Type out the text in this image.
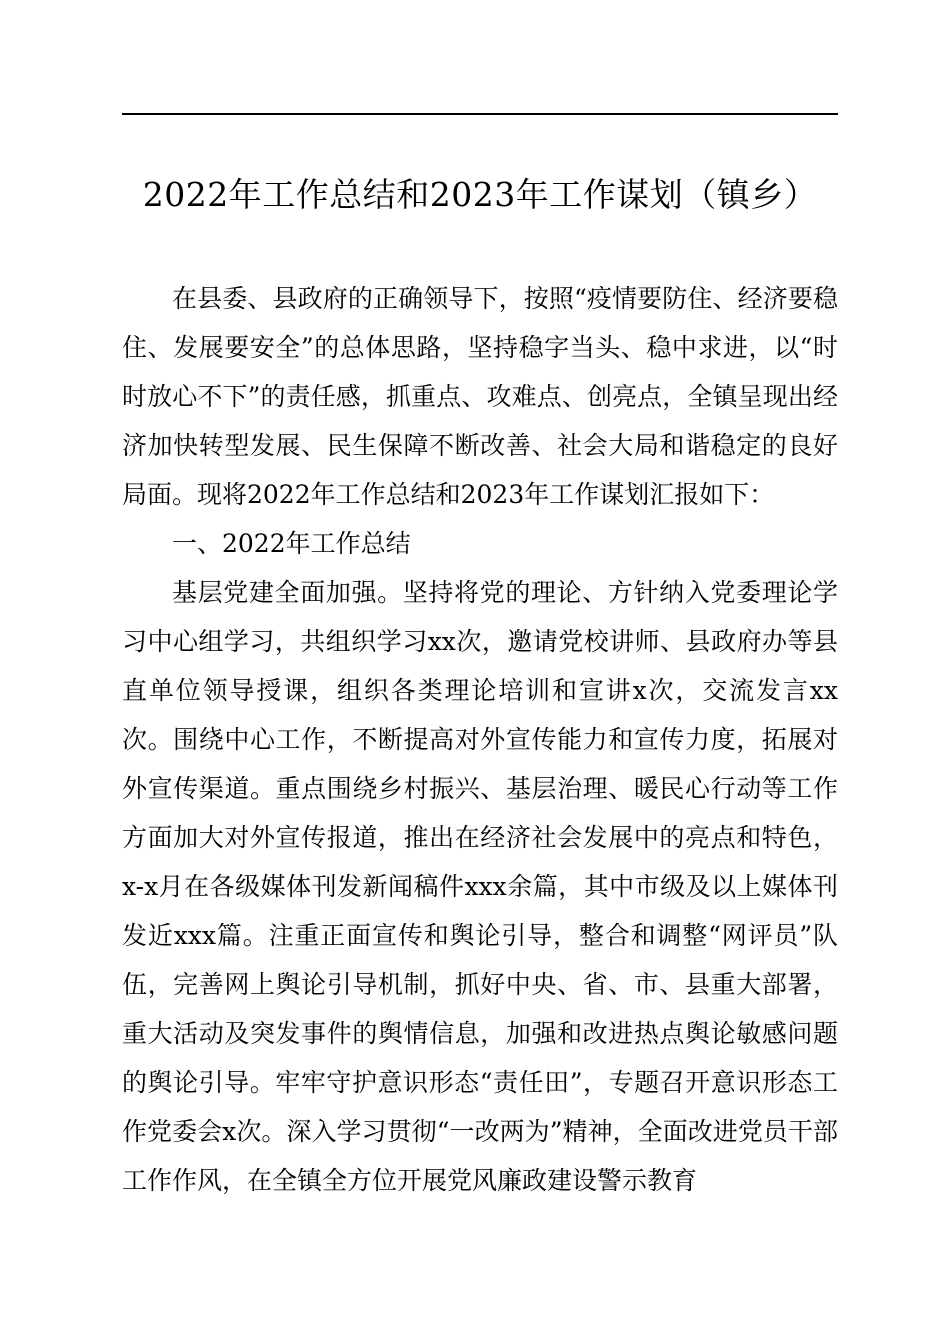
2022年工作总结和2023年工作谋划（镇乡）

在县委、县政府的正确领导下，按照“疫情要防住、经济要稳住、发展要安全”的总体思路，坚持稳字当头、稳中求进，以“时时放心不下”的责任感，抓重点、攻难点、创亮点，全镇呈现出经济加快转型发展、民生保障不断改善、社会大局和谐稳定的良好局面。现将2022年工作总结和2023年工作谋划汇报如下：

一、2022年工作总结

基层党建全面加强。坚持将党的理论、方针纳入党委理论学习中心组学习，共组织学习xx次，邀请党校讲师、县政府办等县直单位领导授课，组织各类理论培训和宣讲x次，交流发言xx次。围绕中心工作，不断提高对外宣传能力和宣传力度，拓展对外宣传渠道。重点围绕乡村振兴、基层治理、暖民心行动等工作方面加大对外宣传报道，推出在经济社会发展中的亮点和特色，x-x月在各级媒体刊发新闻稿件xxx余篇，其中市级及以上媒体刊发近xxx篇。注重正面宣传和舆论引导，整合和调整“网评员”队伍，完善网上舆论引导机制，抓好中央、省、市、县重大部署，重大活动及突发事件的舆情信息，加强和改进热点舆论敏感问题的舆论引导。牢牢守护意识形态“责任田”，专题召开意识形态工作党委会x次。深入学习贯彻“一改两为”精神，全面改进党员干部工作作风，在全镇全方位开展党风廉政建设警示教育
